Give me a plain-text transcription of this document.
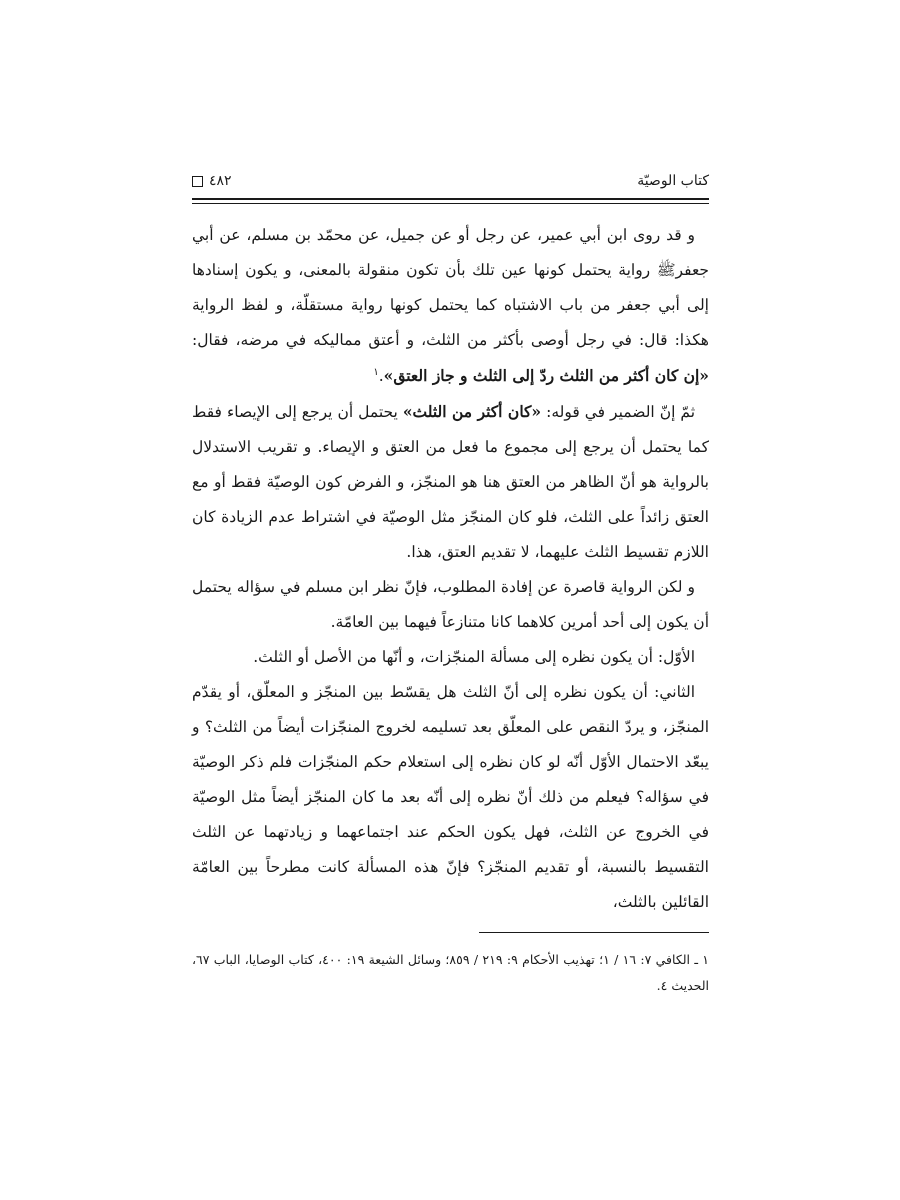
كتاب الوصيّة
٤٨٢

و قد روى ابن أبي عمير، عن رجل أو عن جميل، عن محمّد بن مسلم، عن أبي جعفرﷺ رواية يحتمل كونها عين تلك بأن تكون منقولة بالمعنى، و يكون إسنادها إلى أبي جعفر من باب الاشتباه كما يحتمل كونها رواية مستقلّة، و لفظ الرواية هكذا: قال: في رجل أوصى بأكثر من الثلث، و أعتق مماليكه في مرضه، فقال: «إن كان أكثر من الثلث ردّ إلى الثلث و جاز العتق».$^١$

ثمّ إنّ الضمير في قوله: «كان أكثر من الثلث» يحتمل أن يرجع إلى الإيصاء فقط كما يحتمل أن يرجع إلى مجموع ما فعل من العتق و الإيصاء. و تقريب الاستدلال بالرواية هو أنّ الظاهر من العتق هنا هو المنجّز، و الفرض كون الوصيّة فقط أو مع العتق زائداً على الثلث، فلو كان المنجّز مثل الوصيّة في اشتراط عدم الزيادة كان اللازم تقسيط الثلث عليهما، لا تقديم العتق، هذا.

و لكن الرواية قاصرة عن إفادة المطلوب، فإنّ نظر ابن مسلم في سؤاله يحتمل أن يكون إلى أحد أمرين كلاهما كانا متنازعاً فيهما بين العامّة.

الأوّل: أن يكون نظره إلى مسألة المنجّزات، و أنّها من الأصل أو الثلث.

الثاني: أن يكون نظره إلى أنّ الثلث هل يقسّط بين المنجّز و المعلّق، أو يقدّم المنجّز، و يردّ النقص على المعلّق بعد تسليمه لخروج المنجّزات أيضاً من الثلث؟ و يبعّد الاحتمال الأوّل أنّه لو كان نظره إلى استعلام حكم المنجّزات فلم ذكر الوصيّة في سؤاله؟ فيعلم من ذلك أنّ نظره إلى أنّه بعد ما كان المنجّز أيضاً مثل الوصيّة في الخروج عن الثلث، فهل يكون الحكم عند اجتماعهما و زيادتهما عن الثلث التقسيط بالنسبة، أو تقديم المنجّز؟ فإنّ هذه المسألة كانت مطرحاً بين العامّة القائلين بالثلث،

١ ـ الكافي ٧: ١٦ / ١؛ تهذيب الأحكام ٩: ٢١٩ / ٨٥٩؛ وسائل الشيعة ١٩: ٤٠٠، كتاب الوصايا، الباب ٦٧، الحديث ٤.
